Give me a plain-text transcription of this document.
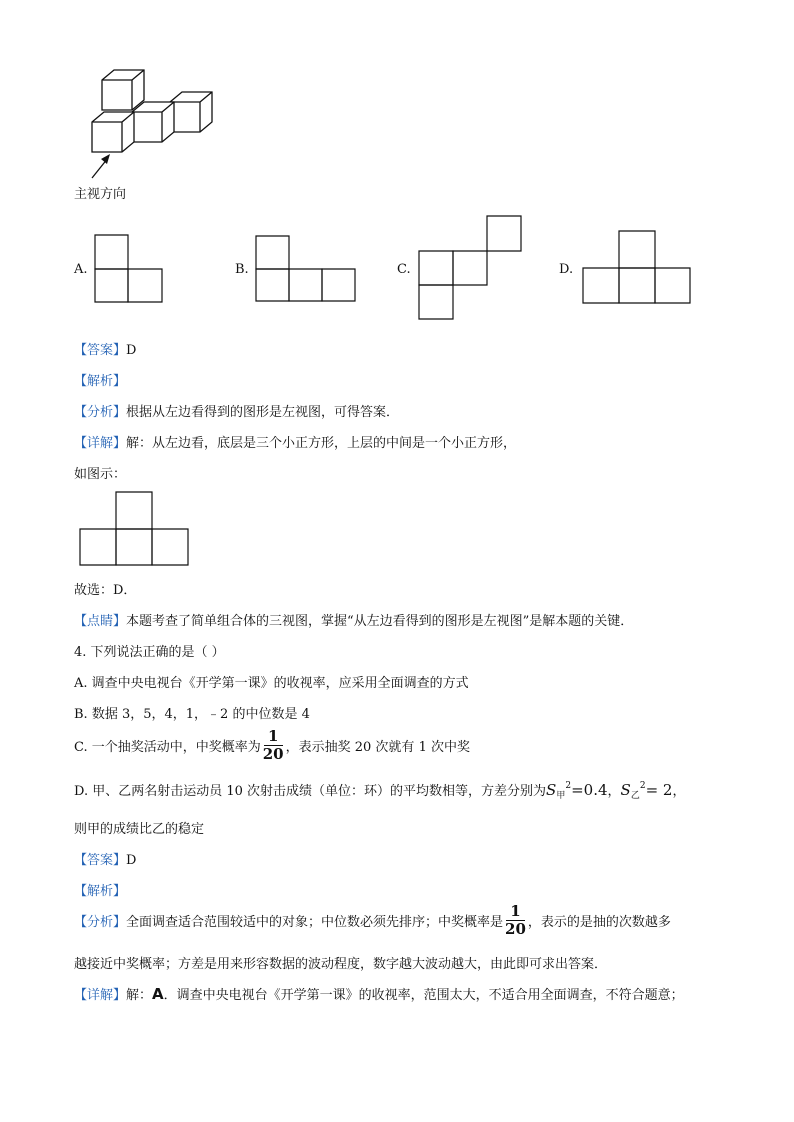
主视方向
A.	B.	C.	D.
【答案】D
【解析】
【分析】根据从左边看得到的图形是左视图，可得答案．
【详解】解：从左边看，底层是三个小正方形，上层的中间是一个小正方形，
如图示：
故选：D．
【点睛】本题考查了简单组合体的三视图，掌握“从左边看得到的图形是左视图”是解本题的关键．
4. 下列说法正确的是（ ）
A. 调查中央电视台《开学第一课》的收视率，应采用全面调查的方式
B. 数据 3，5，4，1，﹣2 的中位数是 4
C. 一个抽奖活动中，中奖概率为 $\frac{1}{20}$ ，表示抽奖 20 次就有 1 次中奖
D. 甲、乙两名射击运动员 10 次射击成绩（单位：环）的平均数相等，方差分别为$S_甲^2=0.4$，$S_乙^2= 2$，
则甲的成绩比乙的稳定
【答案】D
【解析】
【分析】全面调查适合范围较适中的对象；中位数必须先排序；中奖概率是 $\frac{1}{20}$ ，表示的是抽的次数越多
越接近中奖概率；方差是用来形容数据的波动程度，数字越大波动越大，由此即可求出答案．
【详解】解：A．调查中央电视台《开学第一课》的收视率，范围太大，不适合用全面调查，不符合题意；
